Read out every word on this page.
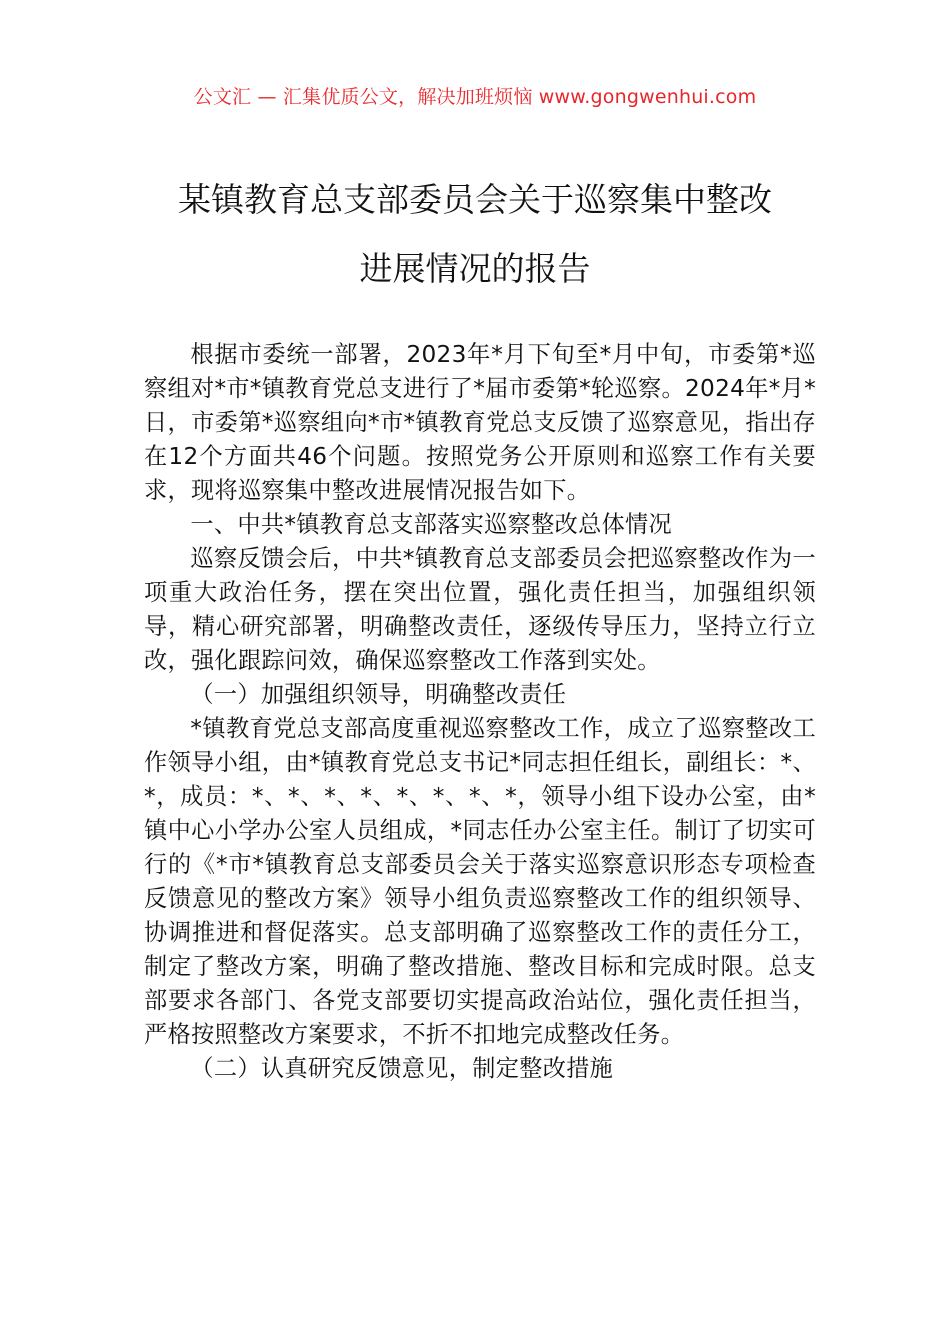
公文汇 — 汇集优质公文，解决加班烦恼 www.gongwenhui.com
某镇教育总支部委员会关于巡察集中整改
进展情况的报告

根据市委统一部署，2023年*月下旬至*月中旬，市委第*巡察组对*市*镇教育党总支进行了*届市委第*轮巡察。2024年*月*日，市委第*巡察组向*市*镇教育党总支反馈了巡察意见，指出存在12个方面共46个问题。按照党务公开原则和巡察工作有关要求，现将巡察集中整改进展情况报告如下。

一、中共*镇教育总支部落实巡察整改总体情况

巡察反馈会后，中共*镇教育总支部委员会把巡察整改作为一项重大政治任务，摆在突出位置，强化责任担当，加强组织领导，精心研究部署，明确整改责任，逐级传导压力，坚持立行立改，强化跟踪问效，确保巡察整改工作落到实处。

（一）加强组织领导，明确整改责任

*镇教育党总支部高度重视巡察整改工作，成立了巡察整改工作领导小组，由*镇教育党总支书记*同志担任组长，副组长：*、*，成员：*、*、*、*、*、*、*、*，领导小组下设办公室，由*镇中心小学办公室人员组成，*同志任办公室主任。制订了切实可行的《*市*镇教育总支部委员会关于落实巡察意识形态专项检查反馈意见的整改方案》领导小组负责巡察整改工作的组织领导、协调推进和督促落实。总支部明确了巡察整改工作的责任分工，制定了整改方案，明确了整改措施、整改目标和完成时限。总支部要求各部门、各党支部要切实提高政治站位，强化责任担当，严格按照整改方案要求，不折不扣地完成整改任务。

（二）认真研究反馈意见，制定整改措施
